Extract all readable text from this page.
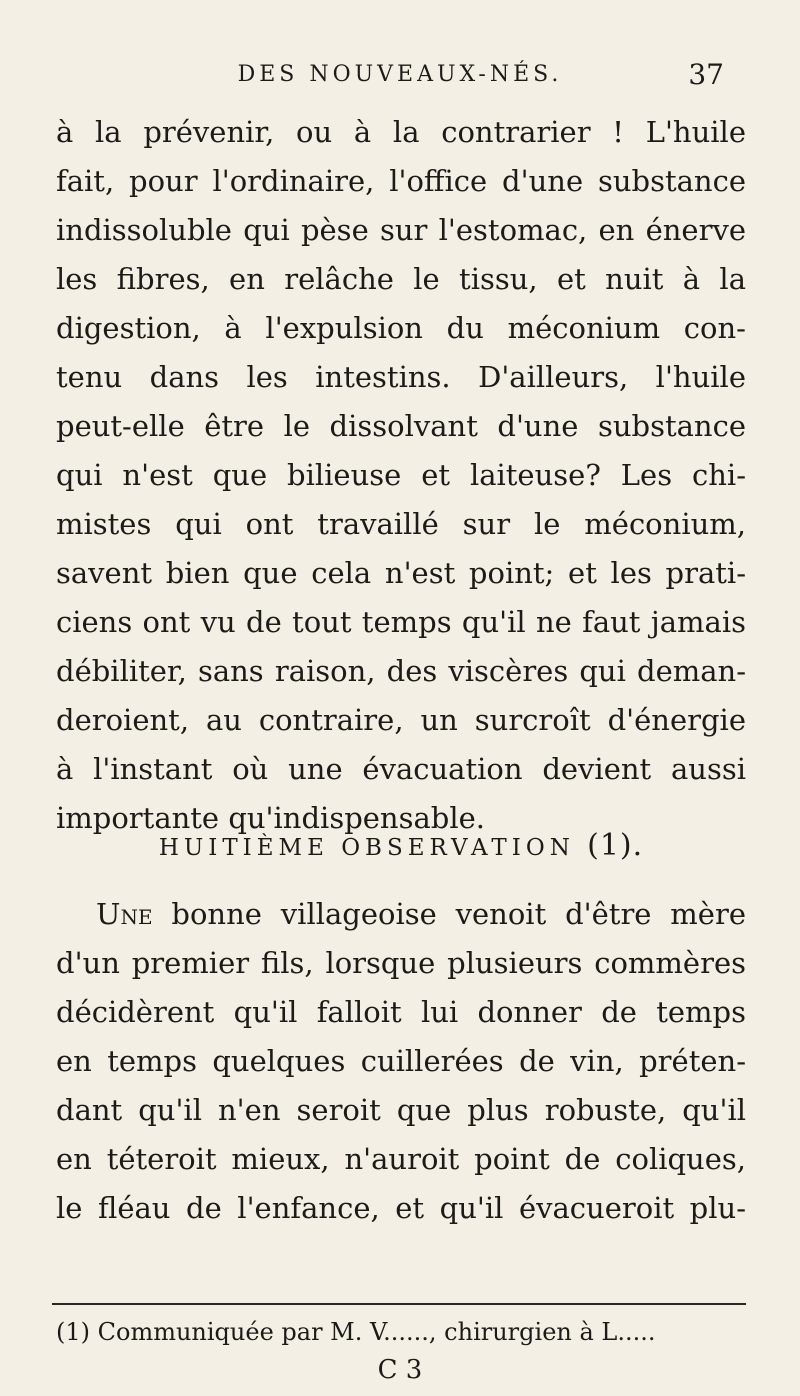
DES NOUVEAUX-NÉS.	37
à la prévenir, ou à la contrarier ! L'huile
fait, pour l'ordinaire, l'office d'une substance
indissoluble qui pèse sur l'estomac, en énerve
les fibres, en relâche le tissu, et nuit à la
digestion, à l'expulsion du méconium con-
tenu dans les intestins. D'ailleurs, l'huile
peut-elle être le dissolvant d'une substance
qui n'est que bilieuse et laiteuse? Les chi-
mistes qui ont travaillé sur le méconium,
savent bien que cela n'est point; et les prati-
ciens ont vu de tout temps qu'il ne faut jamais
débiliter, sans raison, des viscères qui deman-
deroient, au contraire, un surcroît d'énergie
à l'instant où une évacuation devient aussi
importante qu'indispensable.
HUITIÈME OBSERVATION (1).
Une bonne villageoise venoit d'être mère
d'un premier fils, lorsque plusieurs commères
décidèrent qu'il falloit lui donner de temps
en temps quelques cuillerées de vin, préten-
dant qu'il n'en seroit que plus robuste, qu'il
en téteroit mieux, n'auroit point de coliques,
le fléau de l'enfance, et qu'il évacueroit plu-
(1) Communiquée par M. V......, chirurgien à L.....
C 3
